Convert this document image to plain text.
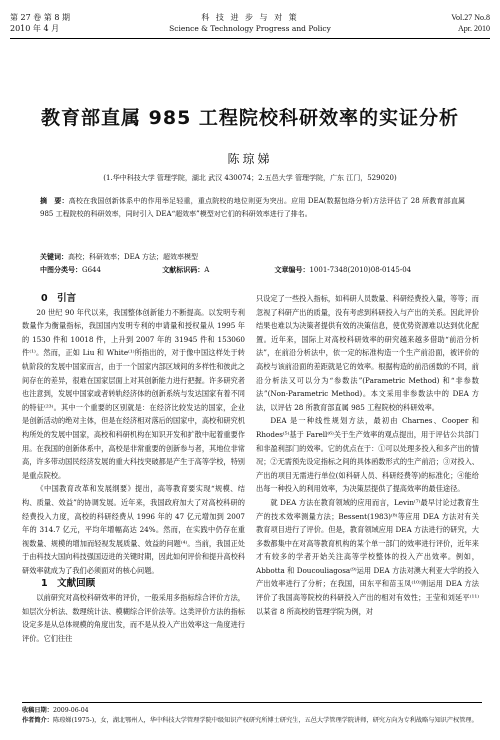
第 27 卷 第 8 期
2010 年 4 月
科 技 进 步 与 对 策
Science & Technology Progress and Policy
Vol.27 No.8
Apr. 2010
教育部直属 985 工程院校科研效率的实证分析
陈琼娣
(1.华中科技大学 管理学院，湖北 武汉 430074；2.五邑大学 管理学院，广东 江门，529020)
摘　要：高校在我国创新体系中的作用举足轻重，重点院校的地位则更为突出。应用 DEA(数据包络分析)方法评估了 28 所教育部直属 985 工程院校的科研效率，同时引入 DEA“超效率”模型对它们的科研效率进行了排名。
关键词：高校；科研效率；DEA 方法；超效率模型
中图分类号：G644	文献标识码：A	文章编号：1001-7348(2010)08-0145-04

0　引言

20 世纪 90 年代以来，我国整体创新能力不断提高。以发明专利数量作为衡量指标，我国国内发明专利的申请量和授权量从 1995 年的 1530 件和 10018 件，上升到 2007 年的 31945 件和 153060 件⁽¹⁾。然而，正如 Liu 和 White⁽¹⁾所指出的，对于像中国这样处于转轨阶段的发展中国家而言，由于一个国家内部区域间的多样性和彼此之间存在的差异，很难在国家层面上对其创新能力进行把握。许多研究者也注意到，发展中国家或者转轨经济体的创新系统与发达国家有着不同的特征⁽²³⁾。其中一个重要的区别就是：在经济比较发达的国家，企业是创新活动的绝对主体，但是在经济相对落后的国家中，高校和研究机构所处的发展中国家，高校和科研机构在知识开发和扩散中起着重要作用。在我国的创新体系中，高校是非常重要的创新参与者，其地位非常高，许多带动国民经济发展的重大科技突破都是产生于高等学校，特别是重点院校。

《中国教育改革和发展纲要》提出，高等教育要实现“规模、结构、质量、效益”的协调发展。近年来，我国政府加大了对高校科研的经费投入力度，高校的科研经费从 1996 年的 47 亿元增加到 2007 年的 314.7 亿元，平均年增幅高达 24%。然而，在实践中仍存在重视数量、规模的增加而轻视发展质量、效益的问题⁽⁴⁾。当前，我国正处于由科技大国向科技强国迈进的关键时期，因此如何评价和提升高校科研效率就成为了我们必须面对的核心问题。

1　文献回顾

以前研究对高校科研效率的评价，一般采用多指标综合评价方法，如层次分析法、数理统计法、模糊综合评价法等。这类评价方法的指标设定多是从总体规模的角度出发，而不是从投入产出效率这一角度进行评价。它们往往

只设定了一些投入指标，如科研人员数量、科研经费投入量，等等；而忽视了科研产出的质量，没有考虑到科研投入与产出的关系。因此评价结果也难以为决策者提供有效的决策信息，使优势资源难以达到优化配置。近年来，国际上对高校科研效率的研究越来越多借助“前沿分析法”，在前沿分析法中，依一定的标准构造一个生产前沿面，被评价的高校与该前沿面的差距就是它的效率。根据构造的前沿函数的不同，前沿分析法又可以分为“参数法”(Parametric Method) 和“非参数法”(Non-Parametric Method)。本文采用非参数法中的 DEA 方法，以评估 28 所教育部直属 985 工程院校的科研效率。

DEA 是一种线性规划方法，最初由 Charnes、Cooper 和 Rhodes⁽⁵⁾基于 Farell⁽⁶⁾关于生产效率的观点提出，用于评估公共部门和非盈利部门的效率。它的优点在于：①可以处理多投入和多产出的情况；②无需预先设定指标之间的具体函数形式的生产前沿；③对投入、产出的项目无需进行单位(如科研人员、科研经费等)的标准化；④能给出每一种投入的利用效率，为决策层提供了提高效率的最佳途径。

就 DEA 方法在教育领域的应用而言，Levin⁽⁷⁾最早讨论过教育生产的技术效率测量方法；Bessent(1983)⁽⁸⁾等应用 DEA 方法对有关教育项目进行了评价。但是，教育领域应用 DEA 方法进行的研究，大多数都集中在对高等教育机构的某个单一部门的效率进行评价，近年来才有较多的学者开始关注高等学校整体的投入产出效率。例如，Abbotta 和 Doucouliagosa⁽⁹⁾运用 DEA 方法对澳大利亚大学的投入产出效率进行了分析；在我国，田东平和苗玉凤⁽¹⁰⁾则运用 DEA 方法评价了我国高等院校的科研投入产出的相对有效性；王莹和刘延平⁽¹¹⁾以某省 8 所高校的管理学院为例，对

收稿日期：2009-06-04
作者简介：陈琼娣(1975-)，女，湖北鄂州人，华中科技大学管理学院中级知识产权研究所博士研究生，五邑大学管理学院讲师，研究方向为专利战略与知识产权管理。
